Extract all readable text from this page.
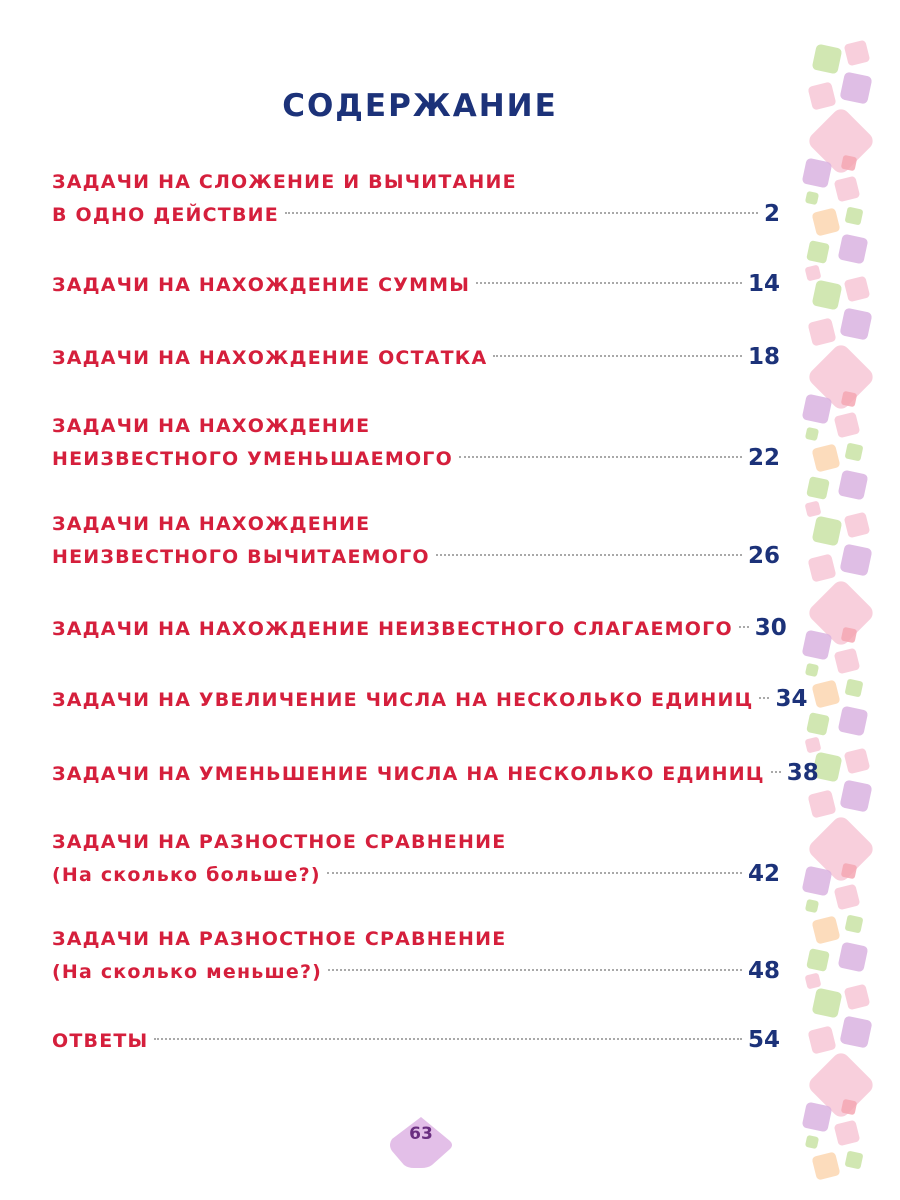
СОДЕРЖАНИЕ
ЗАДАЧИ НА СЛОЖЕНИЕ И ВЫЧИТАНИЕ
В ОДНО ДЕЙСТВИЕ	2
ЗАДАЧИ НА НАХОЖДЕНИЕ СУММЫ	14
ЗАДАЧИ НА НАХОЖДЕНИЕ ОСТАТКА	18
ЗАДАЧИ НА НАХОЖДЕНИЕ
НЕИЗВЕСТНОГО УМЕНЬШАЕМОГО	22
ЗАДАЧИ НА НАХОЖДЕНИЕ
НЕИЗВЕСТНОГО ВЫЧИТАЕМОГО	26
ЗАДАЧИ НА НАХОЖДЕНИЕ НЕИЗВЕСТНОГО СЛАГАЕМОГО 30
ЗАДАЧИ НА УВЕЛИЧЕНИЕ ЧИСЛА НА НЕСКОЛЬКО ЕДИНИЦ 34
ЗАДАЧИ НА УМЕНЬШЕНИЕ ЧИСЛА НА НЕСКОЛЬКО ЕДИНИЦ 38
ЗАДАЧИ НА РАЗНОСТНОЕ СРАВНЕНИЕ
(На сколько больше?)	42
ЗАДАЧИ НА РАЗНОСТНОЕ СРАВНЕНИЕ
(На сколько меньше?)	48
ОТВЕТЫ	54
63
